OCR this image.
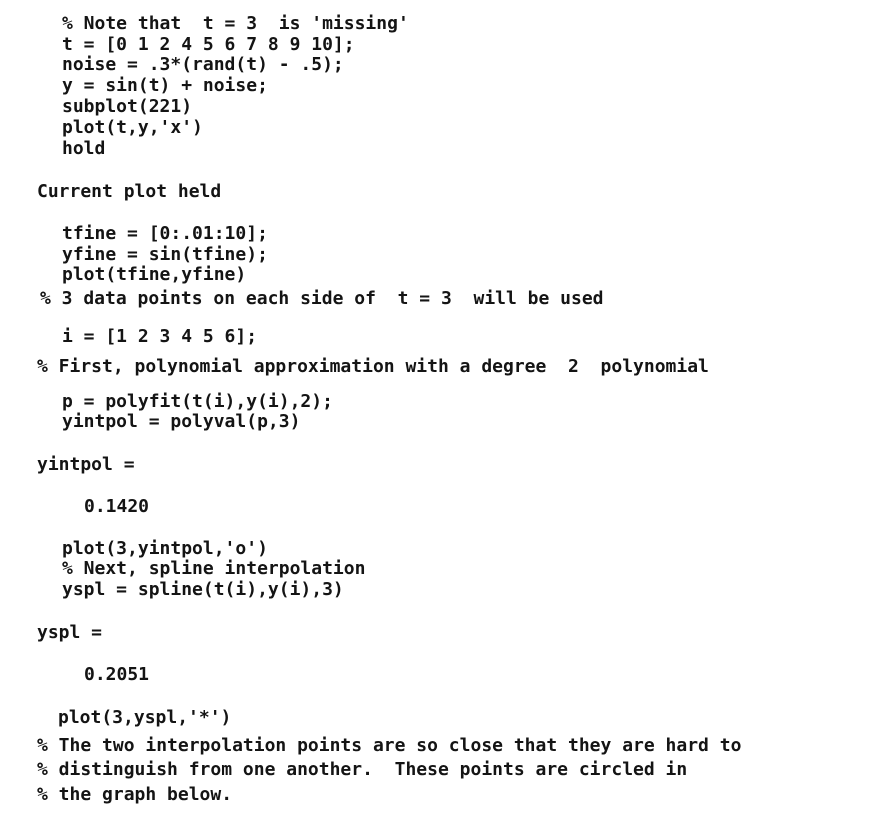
% Note that  t = 3  is 'missing'
t = [0 1 2 4 5 6 7 8 9 10];
noise = .3*(rand(t) - .5);
y = sin(t) + noise;
subplot(221)
plot(t,y,'x')
hold
Current plot held
tfine = [0:.01:10];
yfine = sin(tfine);
plot(tfine,yfine)
% 3 data points on each side of  t = 3  will be used
i = [1 2 3 4 5 6];
% First, polynomial approximation with a degree  2  polynomial
p = polyfit(t(i),y(i),2);
yintpol = polyval(p,3)
yintpol =
0.1420
plot(3,yintpol,'o')
% Next, spline interpolation
yspl = spline(t(i),y(i),3)
yspl =
0.2051
plot(3,yspl,'*')
% The two interpolation points are so close that they are hard to
% distinguish from one another.  These points are circled in
% the graph below.
